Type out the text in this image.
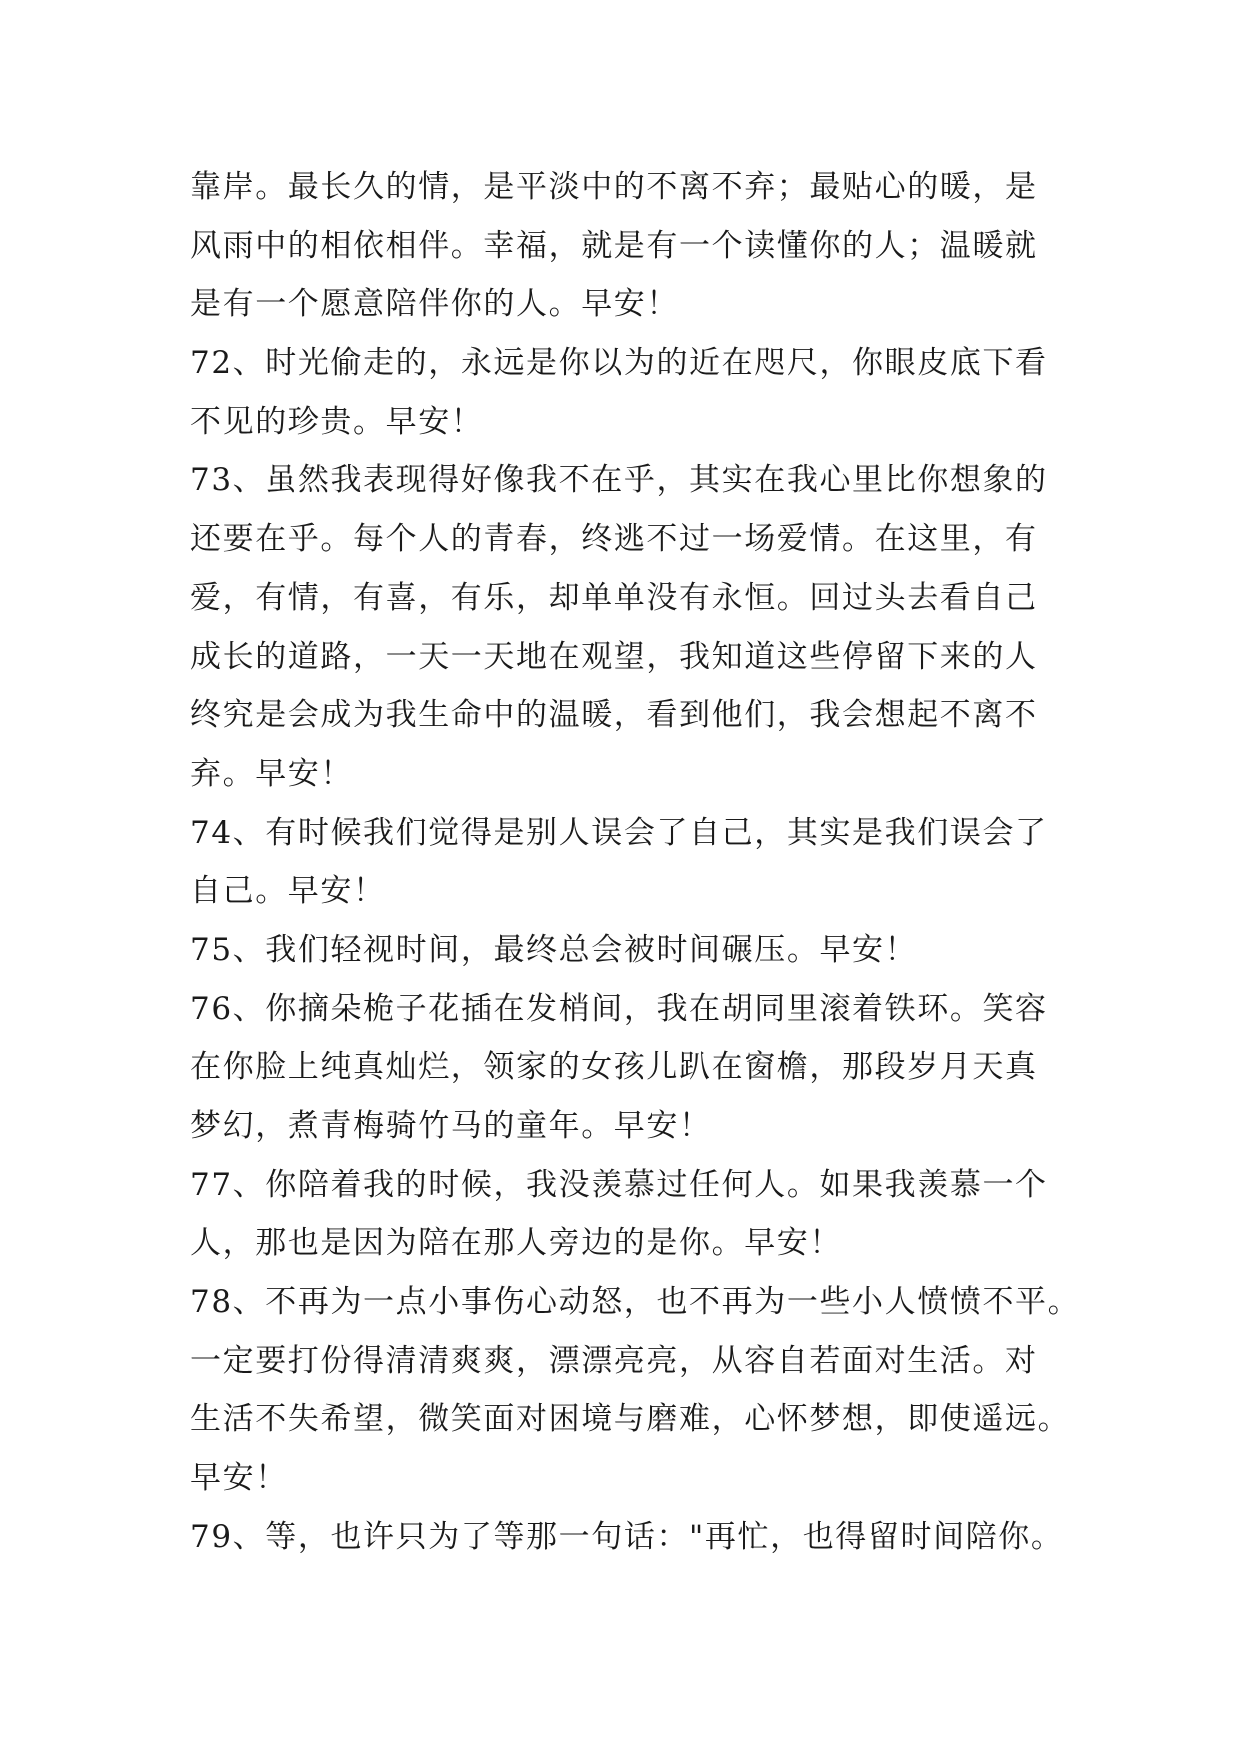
靠岸。最长久的情，是平淡中的不离不弃；最贴心的暖，是
风雨中的相依相伴。幸福，就是有一个读懂你的人；温暖就
是有一个愿意陪伴你的人。早安！
72、时光偷走的，永远是你以为的近在咫尺，你眼皮底下看
不见的珍贵。早安！
73、虽然我表现得好像我不在乎，其实在我心里比你想象的
还要在乎。每个人的青春，终逃不过一场爱情。在这里，有
爱，有情，有喜，有乐，却单单没有永恒。回过头去看自己
成长的道路，一天一天地在观望，我知道这些停留下来的人
终究是会成为我生命中的温暖，看到他们，我会想起不离不
弃。早安！
74、有时候我们觉得是别人误会了自己，其实是我们误会了
自己。早安！
75、我们轻视时间，最终总会被时间碾压。早安！
76、你摘朵桅子花插在发梢间，我在胡同里滚着铁环。笑容
在你脸上纯真灿烂，领家的女孩儿趴在窗檐，那段岁月天真
梦幻，煮青梅骑竹马的童年。早安！
77、你陪着我的时候，我没羡慕过任何人。如果我羡慕一个
人，那也是因为陪在那人旁边的是你。早安！
78、不再为一点小事伤心动怒，也不再为一些小人愤愤不平。
一定要打份得清清爽爽，漂漂亮亮，从容自若面对生活。对
生活不失希望，微笑面对困境与磨难，心怀梦想，即使遥远。
早安！
79、等，也许只为了等那一句话："再忙，也得留时间陪你。
